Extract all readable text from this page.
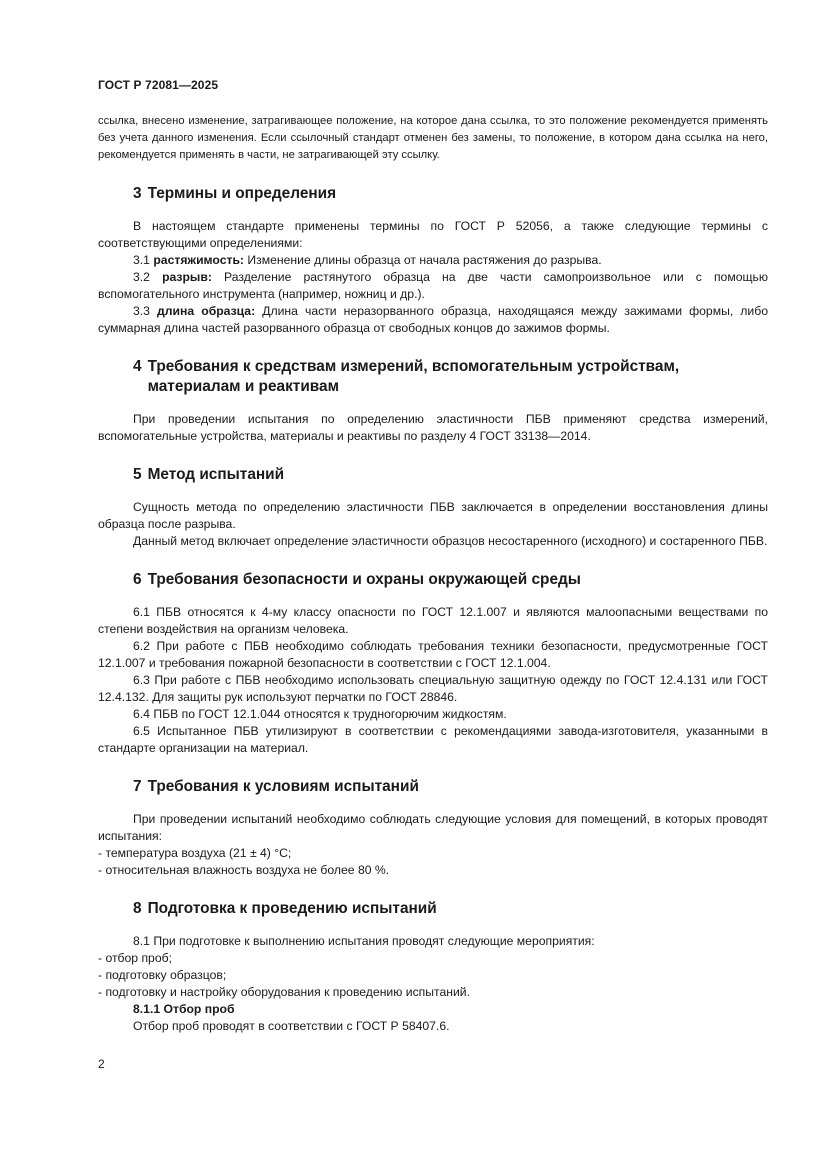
ГОСТ Р 72081—2025

ссылка, внесено изменение, затрагивающее положение, на которое дана ссылка, то это положение рекомендуется применять без учета данного изменения. Если ссылочный стандарт отменен без замены, то положение, в котором дана ссылка на него, рекомендуется применять в части, не затрагивающей эту ссылку.

3 Термины и определения

В настоящем стандарте применены термины по ГОСТ Р 52056, а также следующие термины с соответствующими определениями:

3.1 растяжимость: Изменение длины образца от начала растяжения до разрыва.

3.2 разрыв: Разделение растянутого образца на две части самопроизвольное или с помощью вспомогательного инструмента (например, ножниц и др.).

3.3 длина образца: Длина части неразорванного образца, находящаяся между зажимами формы, либо суммарная длина частей разорванного образца от свободных концов до зажимов формы.

4 Требования к средствам измерений, вспомогательным устройствам, материалам и реактивам

При проведении испытания по определению эластичности ПБВ применяют средства измерений, вспомогательные устройства, материалы и реактивы по разделу 4 ГОСТ 33138—2014.

5 Метод испытаний

Сущность метода по определению эластичности ПБВ заключается в определении восстановления длины образца после разрыва.

Данный метод включает определение эластичности образцов несостаренного (исходного) и состаренного ПБВ.

6 Требования безопасности и охраны окружающей среды

6.1 ПБВ относятся к 4-му классу опасности по ГОСТ 12.1.007 и являются малоопасными веществами по степени воздействия на организм человека.

6.2 При работе с ПБВ необходимо соблюдать требования техники безопасности, предусмотренные ГОСТ 12.1.007 и требования пожарной безопасности в соответствии с ГОСТ 12.1.004.

6.3 При работе с ПБВ необходимо использовать специальную защитную одежду по ГОСТ 12.4.131 или ГОСТ 12.4.132. Для защиты рук используют перчатки по ГОСТ 28846.

6.4 ПБВ по ГОСТ 12.1.044 относятся к трудногорючим жидкостям.

6.5 Испытанное ПБВ утилизируют в соответствии с рекомендациями завода-изготовителя, указанными в стандарте организации на материал.

7 Требования к условиям испытаний

При проведении испытаний необходимо соблюдать следующие условия для помещений, в которых проводят испытания:

- температура воздуха (21 ± 4) °С;

- относительная влажность воздуха не более 80 %.

8 Подготовка к проведению испытаний

8.1 При подготовке к выполнению испытания проводят следующие мероприятия:

- отбор проб;

- подготовку образцов;

- подготовку и настройку оборудования к проведению испытаний.

8.1.1 Отбор проб

Отбор проб проводят в соответствии с ГОСТ Р 58407.6.

2
